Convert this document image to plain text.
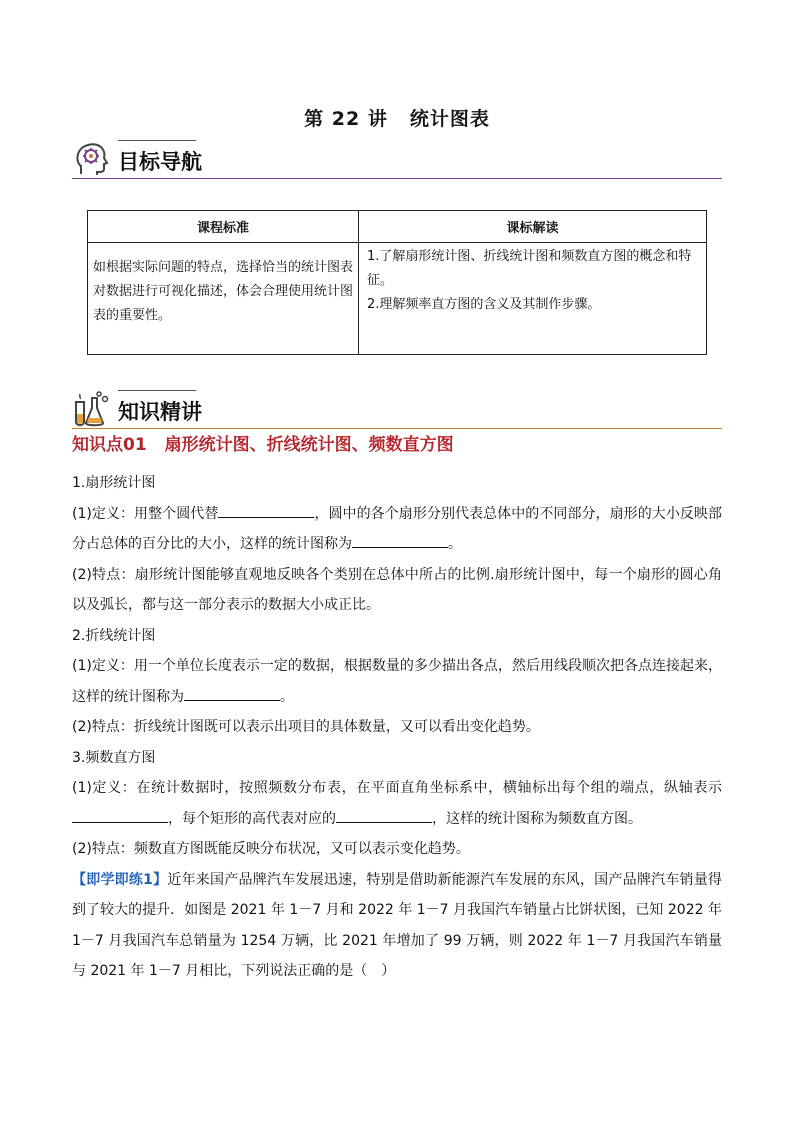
第 22 讲 统计图表
目标导航
课程标准	课标解读

如根据实际问题的特点，选择恰当的统计图表对数据进行可视化描述，体会合理使用统计图表的重要性。	1.了解扇形统计图、折线统计图和频数直方图的概念和特征。
2.理解频率直方图的含义及其制作步骤。
知识精讲
知识点01 扇形统计图、折线统计图、频数直方图

1.扇形统计图

(1)定义：用整个圆代替	，圆中的各个扇形分别代表总体中的不同部分，扇形的大小反映部分占总体的百分比的大小，这样的统计图称为	。

(2)特点：扇形统计图能够直观地反映各个类别在总体中所占的比例.扇形统计图中，每一个扇形的圆心角以及弧长，都与这一部分表示的数据大小成正比。

2.折线统计图

(1)定义：用一个单位长度表示一定的数据，根据数量的多少描出各点，然后用线段顺次把各点连接起来，这样的统计图称为	。

(2)特点：折线统计图既可以表示出项目的具体数量，又可以看出变化趋势。

3.频数直方图

(1)定义：在统计数据时，按照频数分布表，在平面直角坐标系中，横轴标出每个组的端点，纵轴表示，每个矩形的高代表对应的	，这样的统计图称为频数直方图。

(2)特点：频数直方图既能反映分布状况，又可以表示变化趋势。

【即学即练1】近年来国产品牌汽车发展迅速，特别是借助新能源汽车发展的东风，国产品牌汽车销量得到了较大的提升．如图是 2021 年 1－7 月和 2022 年 1－7 月我国汽车销量占比饼状图，已知 2022 年 1－7 月我国汽车总销量为 1254 万辆，比 2021 年增加了 99 万辆，则 2022 年 1－7 月我国汽车销量与 2021 年 1－7 月相比，下列说法正确的是（　）
